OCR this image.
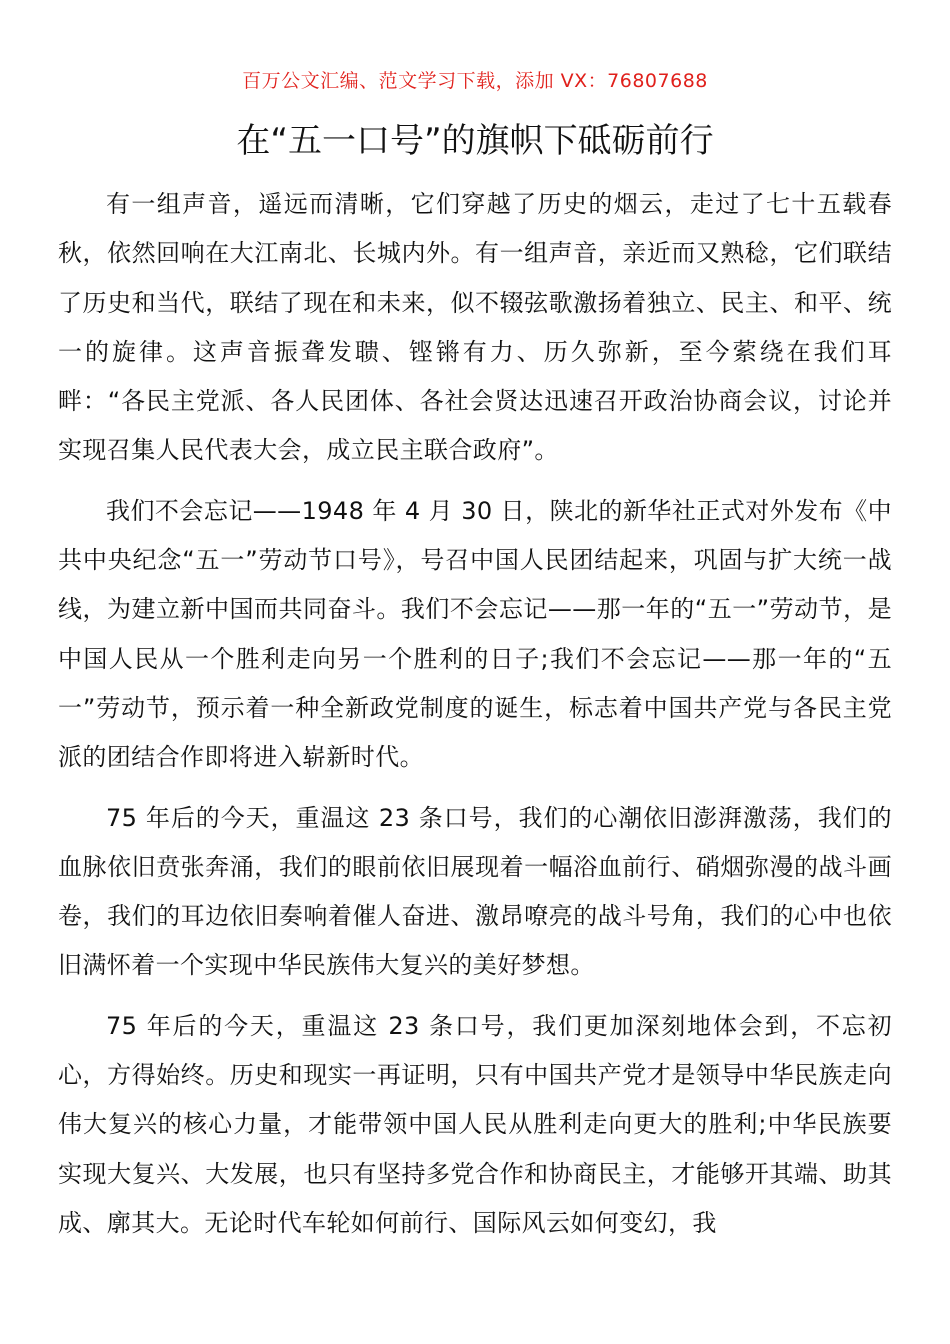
百万公文汇编、范文学习下载，添加 VX：76807688
在“五一口号”的旗帜下砥砺前行

有一组声音，遥远而清晰，它们穿越了历史的烟云，走过了七十五载春秋，依然回响在大江南北、长城内外。有一组声音，亲近而又熟稔，它们联结了历史和当代，联结了现在和未来，似不辍弦歌激扬着独立、民主、和平、统一的旋律。这声音振聋发聩、铿锵有力、历久弥新，至今萦绕在我们耳畔：“各民主党派、各人民团体、各社会贤达迅速召开政治协商会议，讨论并实现召集人民代表大会，成立民主联合政府”。

我们不会忘记——1948 年 4 月 30 日，陕北的新华社正式对外发布《中共中央纪念“五一”劳动节口号》，号召中国人民团结起来，巩固与扩大统一战线，为建立新中国而共同奋斗。我们不会忘记——那一年的“五一”劳动节，是中国人民从一个胜利走向另一个胜利的日子;我们不会忘记——那一年的“五一”劳动节，预示着一种全新政党制度的诞生，标志着中国共产党与各民主党派的团结合作即将进入崭新时代。

75 年后的今天，重温这 23 条口号，我们的心潮依旧澎湃激荡，我们的血脉依旧贲张奔涌，我们的眼前依旧展现着一幅浴血前行、硝烟弥漫的战斗画卷，我们的耳边依旧奏响着催人奋进、激昂嘹亮的战斗号角，我们的心中也依旧满怀着一个实现中华民族伟大复兴的美好梦想。

75 年后的今天，重温这 23 条口号，我们更加深刻地体会到，不忘初心，方得始终。历史和现实一再证明，只有中国共产党才是领导中华民族走向伟大复兴的核心力量，才能带领中国人民从胜利走向更大的胜利;中华民族要实现大复兴、大发展，也只有坚持多党合作和协商民主，才能够开其端、助其成、廓其大。无论时代车轮如何前行、国际风云如何变幻，我
